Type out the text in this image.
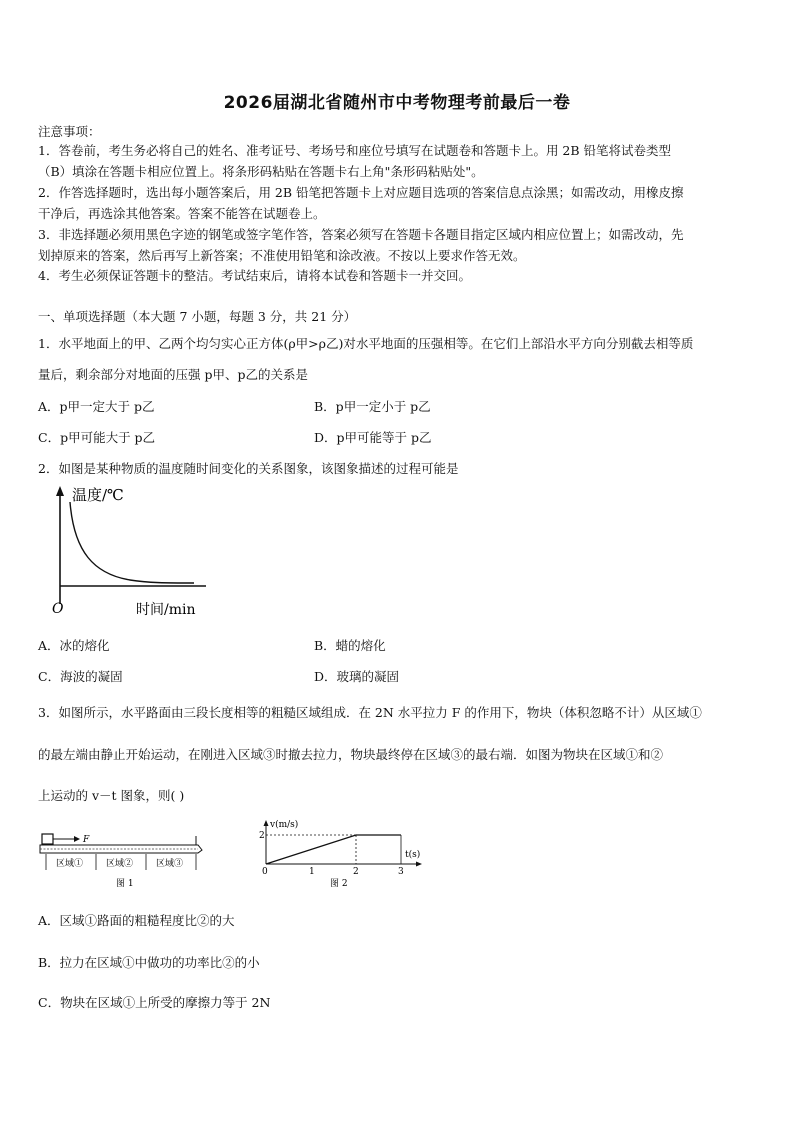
2026届湖北省随州市中考物理考前最后一卷
注意事项：
1．答卷前，考生务必将自己的姓名、准考证号、考场号和座位号填写在试题卷和答题卡上。用 2B 铅笔将试卷类型
（B）填涂在答题卡相应位置上。将条形码粘贴在答题卡右上角"条形码粘贴处"。
2．作答选择题时，选出每小题答案后，用 2B 铅笔把答题卡上对应题目选项的答案信息点涂黑；如需改动，用橡皮擦
干净后，再选涂其他答案。答案不能答在试题卷上。
3．非选择题必须用黑色字迹的钢笔或签字笔作答，答案必须写在答题卡各题目指定区域内相应位置上；如需改动，先
划掉原来的答案，然后再写上新答案；不准使用铅笔和涂改液。不按以上要求作答无效。
4．考生必须保证答题卡的整洁。考试结束后，请将本试卷和答题卡一并交回。
一、单项选择题（本大题 7 小题，每题 3 分，共 21 分）
1．水平地面上的甲、乙两个均匀实心正方体(ρ甲>ρ乙)对水平地面的压强相等。在它们上部沿水平方向分别截去相等质
量后，剩余部分对地面的压强 p甲、p乙的关系是
A．p甲一定大于 p乙	B．p甲一定小于 p乙
C．p甲可能大于 p乙	D．p甲可能等于 p乙
2．如图是某种物质的温度随时间变化的关系图象，该图象描述的过程可能是
温度/℃
O	时间/min
A．冰的熔化	B．蜡的熔化
C．海波的凝固	D．玻璃的凝固
3．如图所示，水平路面由三段长度相等的粗糙区域组成．在 2N 水平拉力 F 的作用下，物块（体积忽略不计）从区域①
的最左端由静止开始运动，在刚进入区域③时撤去拉力，物块最终停在区域③的最右端．如图为物块在区域①和②
上运动的 v－t 图象，则( )
F
区域①	区域②	区域③
图 1
v(m/s)
t(s)
2
0	1	2	3
图 2
A．区域①路面的粗糙程度比②的大
B．拉力在区域①中做功的功率比②的小
C．物块在区域①上所受的摩擦力等于 2N
